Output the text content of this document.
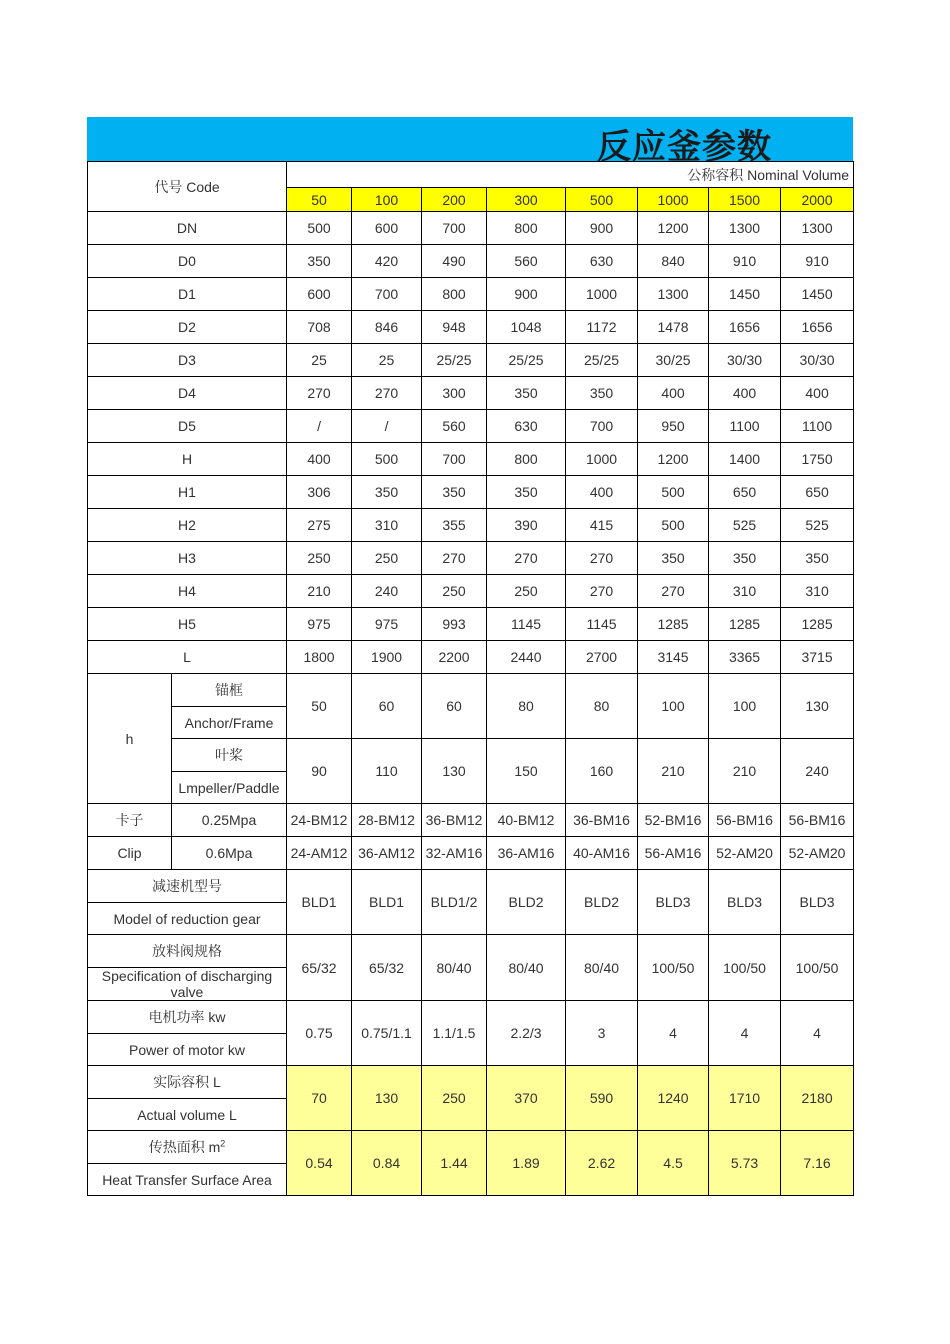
反应釜参数
代号 Code		公称容积 Nominal Volume							
		50	100	200	300	500	1000	1500	2000
DN		500	600	700	800	900	1200	1300	1300
D0		350	420	490	560	630	840	910	910
D1		600	700	800	900	1000	1300	1450	1450
D2		708	846	948	1048	1172	1478	1656	1656
D3		25	25	25/25	25/25	25/25	30/25	30/30	30/30
D4		270	270	300	350	350	400	400	400
D5		/	/	560	630	700	950	1100	1100
H		400	500	700	800	1000	1200	1400	1750
H1		306	350	350	350	400	500	650	650
H2		275	310	355	390	415	500	525	525
H3		250	250	270	270	270	350	350	350
H4		210	240	250	250	270	270	310	310
H5		975	975	993	1145	1145	1285	1285	1285
L		1800	1900	2200	2440	2700	3145	3365	3715
h	锚框	50	60	60	80	80	100	100	130
	Anchor/Frame								
	叶桨	90	110	130	150	160	210	210	240
	Lmpeller/Paddle								
卡子	0.25Mpa	24-BM12	28-BM12	36-BM12	40-BM12	36-BM16	52-BM16	56-BM16	56-BM16
Clip	0.6Mpa	24-AM12	36-AM12	32-AM16	36-AM16	40-AM16	56-AM16	52-AM20	52-AM20
减速机型号		BLD1	BLD1	BLD1/2	BLD2	BLD2	BLD3	BLD3	BLD3
Model of reduction gear									
放料阀规格		65/32	65/32	80/40	80/40	80/40	100/50	100/50	100/50
Specification of discharging valve									
电机功率 kw		0.75	0.75/1.1	1.1/1.5	2.2/3	3	4	4	4
Power of motor kw									
实际容积 L		70	130	250	370	590	1240	1710	2180
Actual volume L									
传热面积 $m^2$		0.54	0.84	1.44	1.89	2.62	4.5	5.73	7.16
Heat Transfer Surface Area									
